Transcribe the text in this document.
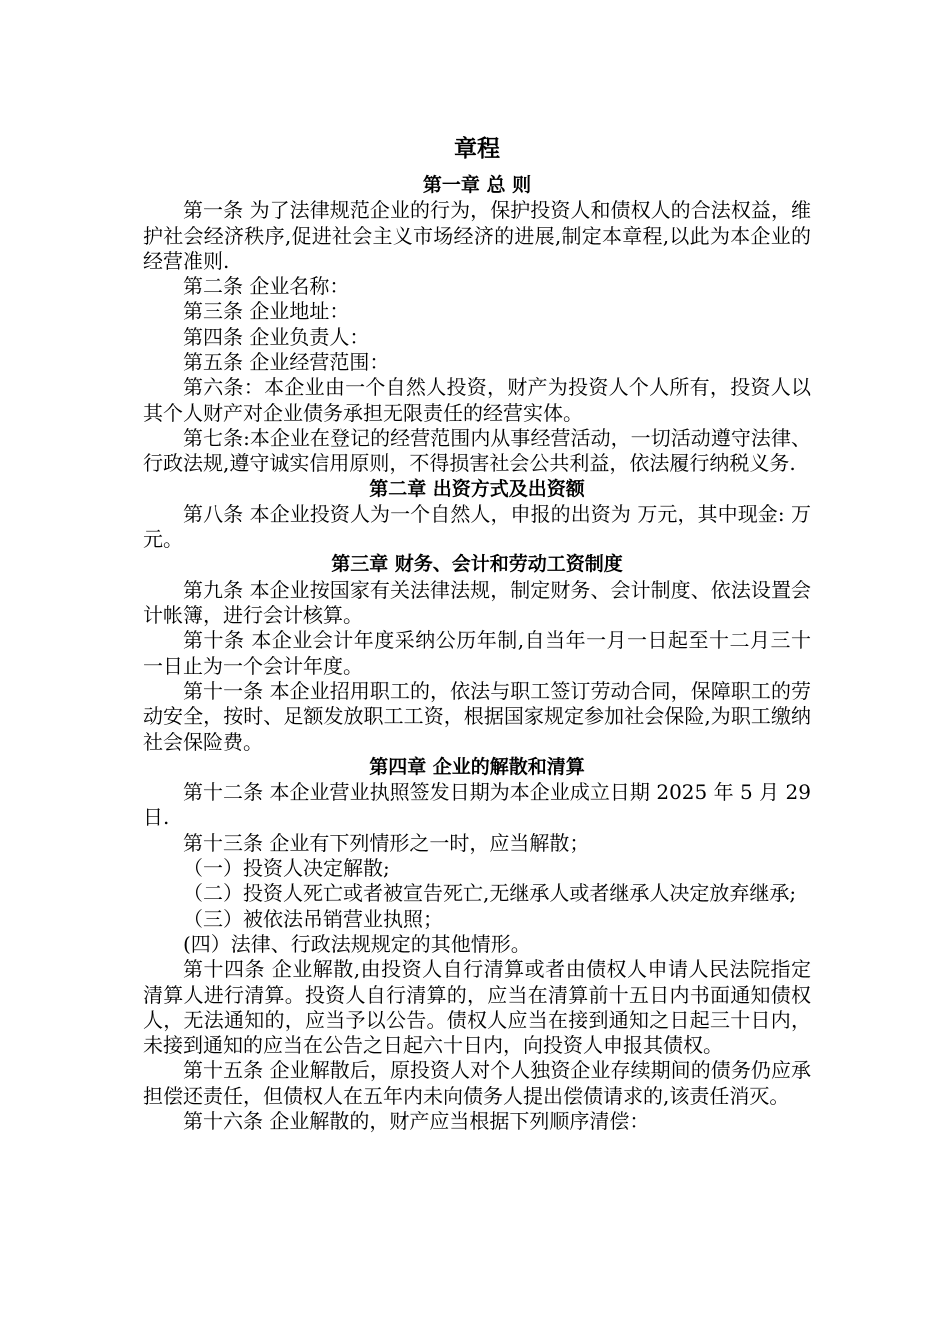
章程
第一章 总 则

第一条 为了法律规范企业的行为，保护投资人和债权人的合法权益，维护社会经济秩序,促进社会主义市场经济的进展,制定本章程,以此为本企业的经营准则.

第二条 企业名称：

第三条 企业地址：

第四条 企业负责人：

第五条 企业经营范围：

第六条：本企业由一个自然人投资，财产为投资人个人所有，投资人以其个人财产对企业债务承担无限责任的经营实体。

第七条:本企业在登记的经营范围内从事经营活动，一切活动遵守法律、行政法规,遵守诚实信用原则，不得损害社会公共利益，依法履行纳税义务.

第二章 出资方式及出资额

第八条 本企业投资人为一个自然人，申报的出资为 万元，其中现金: 万元。

第三章 财务、会计和劳动工资制度

第九条 本企业按国家有关法律法规，制定财务、会计制度、依法设置会计帐簿，进行会计核算。

第十条 本企业会计年度采纳公历年制,自当年一月一日起至十二月三十一日止为一个会计年度。

第十一条 本企业招用职工的，依法与职工签订劳动合同，保障职工的劳动安全，按时、足额发放职工工资，根据国家规定参加社会保险,为职工缴纳社会保险费。

第四章 企业的解散和清算

第十二条 本企业营业执照签发日期为本企业成立日期 2025 年 5 月 29 日.

第十三条 企业有下列情形之一时，应当解散；

（一）投资人决定解散;

（二）投资人死亡或者被宣告死亡,无继承人或者继承人决定放弃继承;

（三）被依法吊销营业执照；

(四）法律、行政法规规定的其他情形。

第十四条 企业解散,由投资人自行清算或者由债权人申请人民法院指定清算人进行清算。投资人自行清算的，应当在清算前十五日内书面通知债权人，无法通知的，应当予以公告。债权人应当在接到通知之日起三十日内，未接到通知的应当在公告之日起六十日内，向投资人申报其债权。

第十五条 企业解散后，原投资人对个人独资企业存续期间的债务仍应承担偿还责任，但债权人在五年内未向债务人提出偿债请求的,该责任消灭。

第十六条 企业解散的，财产应当根据下列顺序清偿：
